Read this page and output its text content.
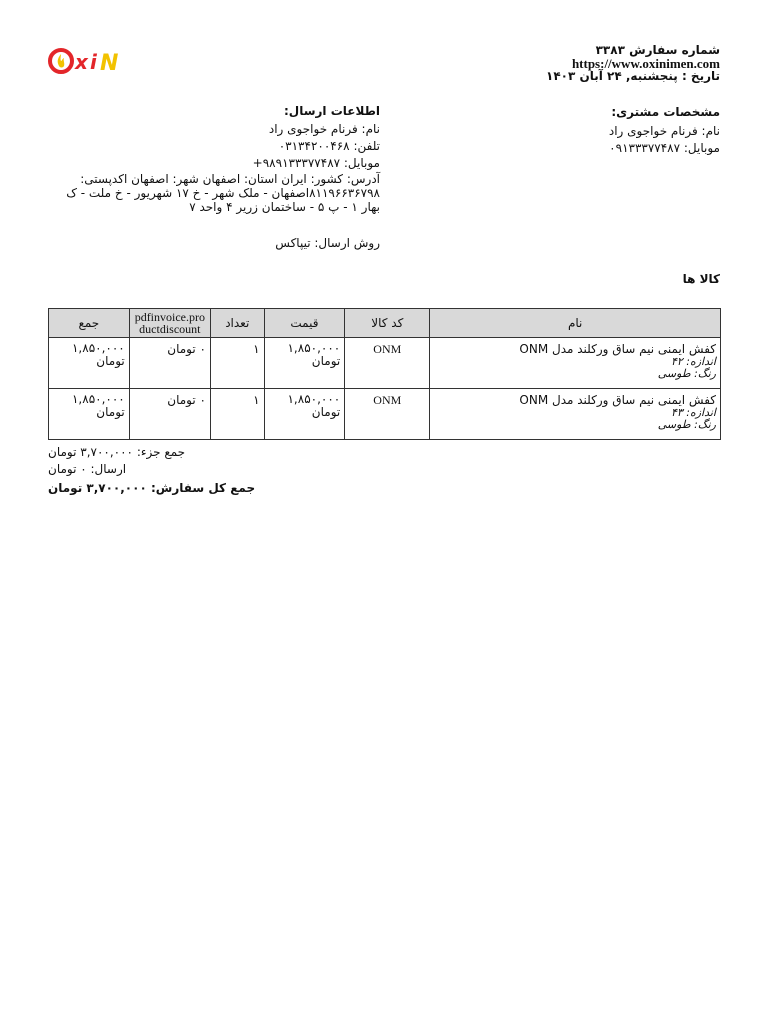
x i N
شماره سفارش ۳۳۸۳
https://www.oxinimen.com
تاریخ : پنجشنبه, ۲۴ آبان ۱۴۰۳
مشخصات مشتری:
نام: فرنام خواجوی راد
موبایل: ۰۹۱۳۳۳۷۷۴۸۷
اطلاعات ارسال:
نام: فرنام خواجوی راد
تلفن: ۰۳۱۳۴۲۰۰۴۶۸
موبایل: ۹۸۹۱۳۳۳۷۷۴۸۷+
آدرس: کشور: ایران استان: اصفهان شهر: اصفهان اکدپستی:
۸۱۱۹۶۶۳۶۷۹۸اصفهان - ملک شهر - خ ۱۷ شهریور - خ ملت - ک
بهار ۱ - پ ۵ - ساختمان زریر ۴ واحد ۷
روش ارسال: تیپاکس
کالا ها
نام	کد کالا	قیمت	تعداد	pdfinvoice.productdiscount	جمع

کفش ایمنی نیم ساق ورکلند مدل ONM
اندازه: ۴۲
رنگ: طوسی	ONM	۱,۸۵۰,۰۰۰ تومان	۱	۰ تومان	۱,۸۵۰,۰۰۰ تومان

کفش ایمنی نیم ساق ورکلند مدل ONM
اندازه: ۴۳
رنگ: طوسی	ONM	۱,۸۵۰,۰۰۰ تومان	۱	۰ تومان	۱,۸۵۰,۰۰۰ تومان
جمع جزء: ۳,۷۰۰,۰۰۰ تومان
ارسال: ۰ تومان
جمع کل سفارش: ۳,۷۰۰,۰۰۰ تومان
